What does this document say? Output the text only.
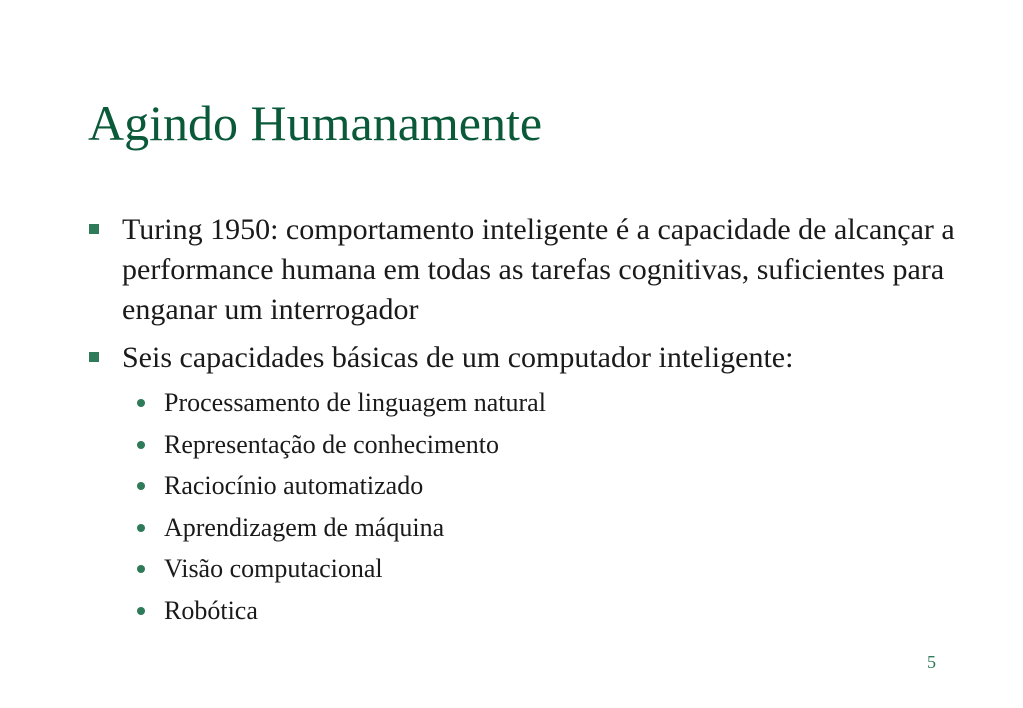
Agindo Humanamente
Turing 1950: comportamento inteligente é a capacidade de alcançar a performance humana em todas as tarefas cognitivas, suficientes para enganar um interrogador
Seis capacidades básicas de um computador inteligente:
Processamento de linguagem natural
Representação de conhecimento
Raciocínio automatizado
Aprendizagem de máquina
Visão computacional
Robótica
5
